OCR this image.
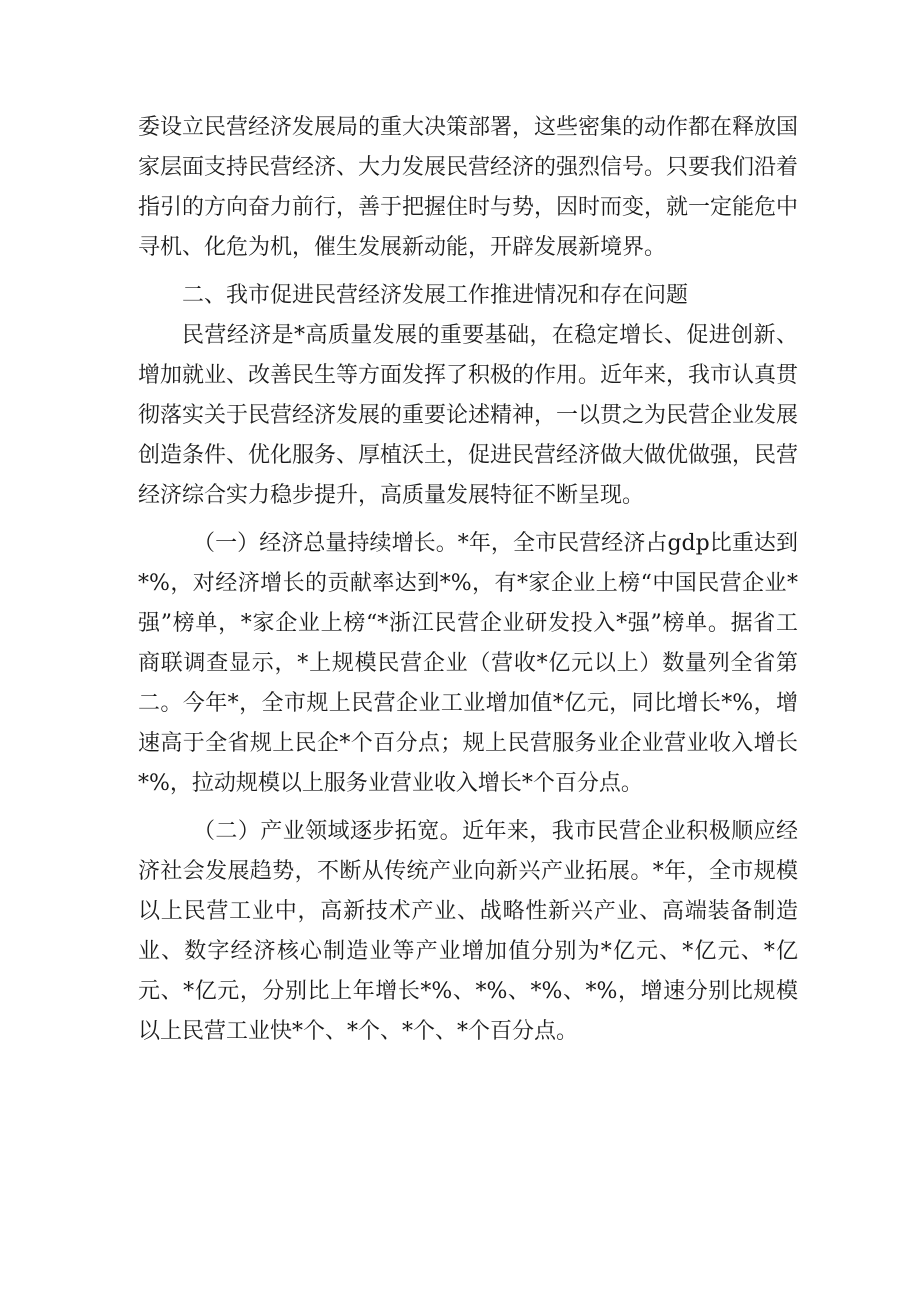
委设立民营经济发展局的重大决策部署，这些密集的动作都在释放国家层面支持民营经济、大力发展民营经济的强烈信号。只要我们沿着指引的方向奋力前行，善于把握住时与势，因时而变，就一定能危中寻机、化危为机，催生发展新动能，开辟发展新境界。

二、我市促进民营经济发展工作推进情况和存在问题

民营经济是*高质量发展的重要基础，在稳定增长、促进创新、增加就业、改善民生等方面发挥了积极的作用。近年来，我市认真贯彻落实关于民营经济发展的重要论述精神，一以贯之为民营企业发展创造条件、优化服务、厚植沃土，促进民营经济做大做优做强，民营经济综合实力稳步提升，高质量发展特征不断呈现。

（一）经济总量持续增长。*年，全市民营经济占gdp比重达到*%，对经济增长的贡献率达到*%，有*家企业上榜“中国民营企业*强”榜单，*家企业上榜“*浙江民营企业研发投入*强”榜单。据省工商联调查显示，*上规模民营企业（营收*亿元以上）数量列全省第二。今年*，全市规上民营企业工业增加值*亿元，同比增长*%，增速高于全省规上民企*个百分点；规上民营服务业企业营业收入增长*%，拉动规模以上服务业营业收入增长*个百分点。

（二）产业领域逐步拓宽。近年来，我市民营企业积极顺应经济社会发展趋势，不断从传统产业向新兴产业拓展。*年，全市规模以上民营工业中，高新技术产业、战略性新兴产业、高端装备制造业、数字经济核心制造业等产业增加值分别为*亿元、*亿元、*亿元、*亿元，分别比上年增长*%、*%、*%、*%，增速分别比规模以上民营工业快*个、*个、*个、*个百分点。
